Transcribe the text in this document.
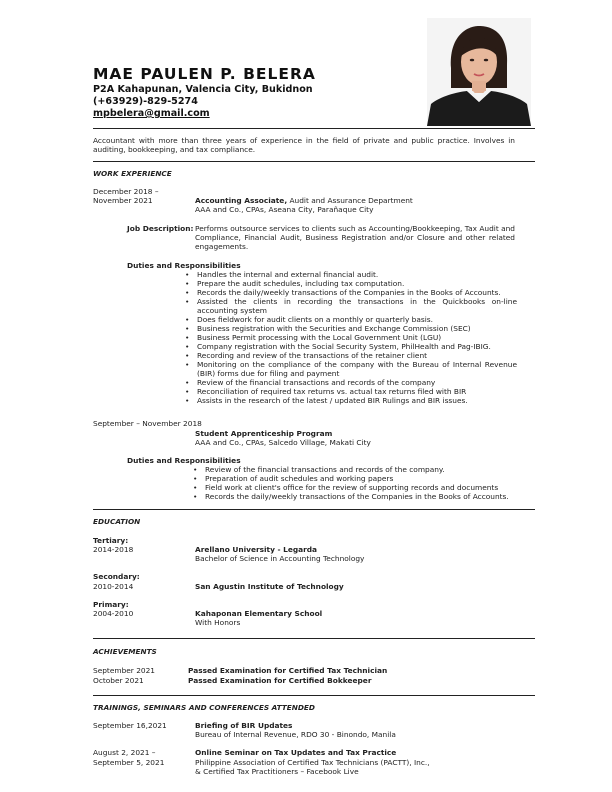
MAE PAULEN P. BELERA
P2A Kahapunan, Valencia City, Bukidnon
(+63929)-829-5274
mpbelera@gmail.com
Accountant with more than three years of experience in the field of private and public practice. Involves in auditing, bookkeeping, and tax compliance.
WORK EXPERIENCE
December 2018 –
November 2021	Accounting Associate, Audit and Assurance Department
AAA and Co., CPAs, Aseana City, Parañaque City
Job Description: Performs outsource services to clients such as Accounting/Bookkeeping, Tax Audit and Compliance, Financial Audit, Business Registration and/or Closure and other related engagements.
Duties and Responsibilities
• Handles the internal and external financial audit.
• Prepare the audit schedules, including tax computation.
• Records the daily/weekly transactions of the Companies in the Books of Accounts.
• Assisted the clients in recording the transactions in the Quickbooks on-line accounting system
• Does fieldwork for audit clients on a monthly or quarterly basis.
• Business registration with the Securities and Exchange Commission (SEC)
• Business Permit processing with the Local Government Unit (LGU)
• Company registration with the Social Security System, PhilHealth and Pag-IBIG.
• Recording and review of the transactions of the retainer client
• Monitoring on the compliance of the company with the Bureau of Internal Revenue (BIR) forms due for filing and payment
• Review of the financial transactions and records of the company
• Reconciliation of required tax returns vs. actual tax returns filed with BIR
• Assists in the research of the latest / updated BIR Rulings and BIR issues.
September – November 2018
Student Apprenticeship Program
AAA and Co., CPAs, Salcedo Village, Makati City
Duties and Responsibilities
• Review of the financial transactions and records of the company.
• Preparation of audit schedules and working papers
• Field work at client's office for the review of supporting records and documents
• Records the daily/weekly transactions of the Companies in the Books of Accounts.
EDUCATION
Tertiary:
2014-2018	Arellano University - Legarda
Bachelor of Science in Accounting Technology
Secondary:
2010-2014	San Agustin Institute of Technology
Primary:
2004-2010	Kahaponan Elementary School
With Honors
ACHIEVEMENTS
September 2021	Passed Examination for Certified Tax Technician
October 2021	Passed Examination for Certified Bokkeeper
TRAININGS, SEMINARS AND CONFERENCES ATTENDED
September 16,2021	Briefing of BIR Updates
Bureau of Internal Revenue, RDO 30 - Binondo, Manila
August 2, 2021 –
September 5, 2021
Online Seminar on Tax Updates and Tax Practice
Philippine Association of Certified Tax Technicians (PACTT), Inc.,
& Certified Tax Practitioners – Facebook Live
